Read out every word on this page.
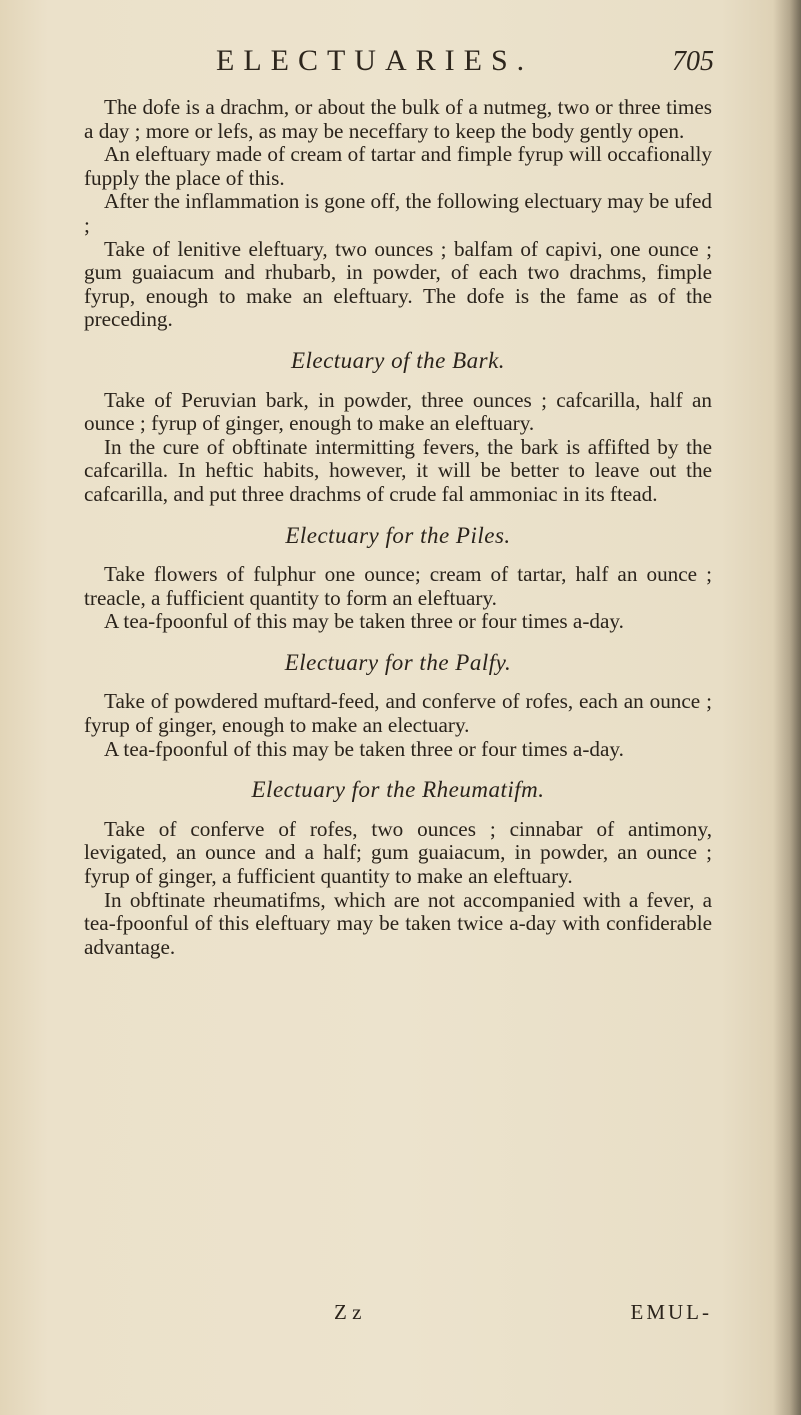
ELECTUARIES.	705

The dofe is a drachm, or about the bulk of a nutmeg, two or three times a day ; more or lefs, as may be neceffary to keep the body gently open.

An eleftuary made of cream of tartar and fimple fyrup will occafionally fupply the place of this.

After the inflammation is gone off, the following electuary may be ufed ;

Take of lenitive eleftuary, two ounces ; balfam of capivi, one ounce ; gum guaiacum and rhubarb, in powder, of each two drachms, fimple fyrup, enough to make an eleftuary. The dofe is the fame as of the preceding.

Electuary of the Bark.

Take of Peruvian bark, in powder, three ounces ; cafcarilla, half an ounce ; fyrup of ginger, enough to make an eleftuary.

In the cure of obftinate intermitting fevers, the bark is affifted by the cafcarilla. In heftic habits, however, it will be better to leave out the cafcarilla, and put three drachms of crude fal ammoniac in its ftead.

Electuary for the Piles.

Take flowers of fulphur one ounce; cream of tartar, half an ounce ; treacle, a fufficient quantity to form an eleftuary.

A tea-fpoonful of this may be taken three or four times a-day.

Electuary for the Palfy.

Take of powdered muftard-feed, and conferve of rofes, each an ounce ; fyrup of ginger, enough to make an electuary.

A tea-fpoonful of this may be taken three or four times a-day.

Electuary for the Rheumatifm.

Take of conferve of rofes, two ounces ; cinnabar of antimony, levigated, an ounce and a half; gum guaiacum, in powder, an ounce ; fyrup of ginger, a fufficient quantity to make an eleftuary.

In obftinate rheumatifms, which are not accompanied with a fever, a tea-fpoonful of this eleftuary may be taken twice a-day with confiderable advantage.

Z z	EMUL-
